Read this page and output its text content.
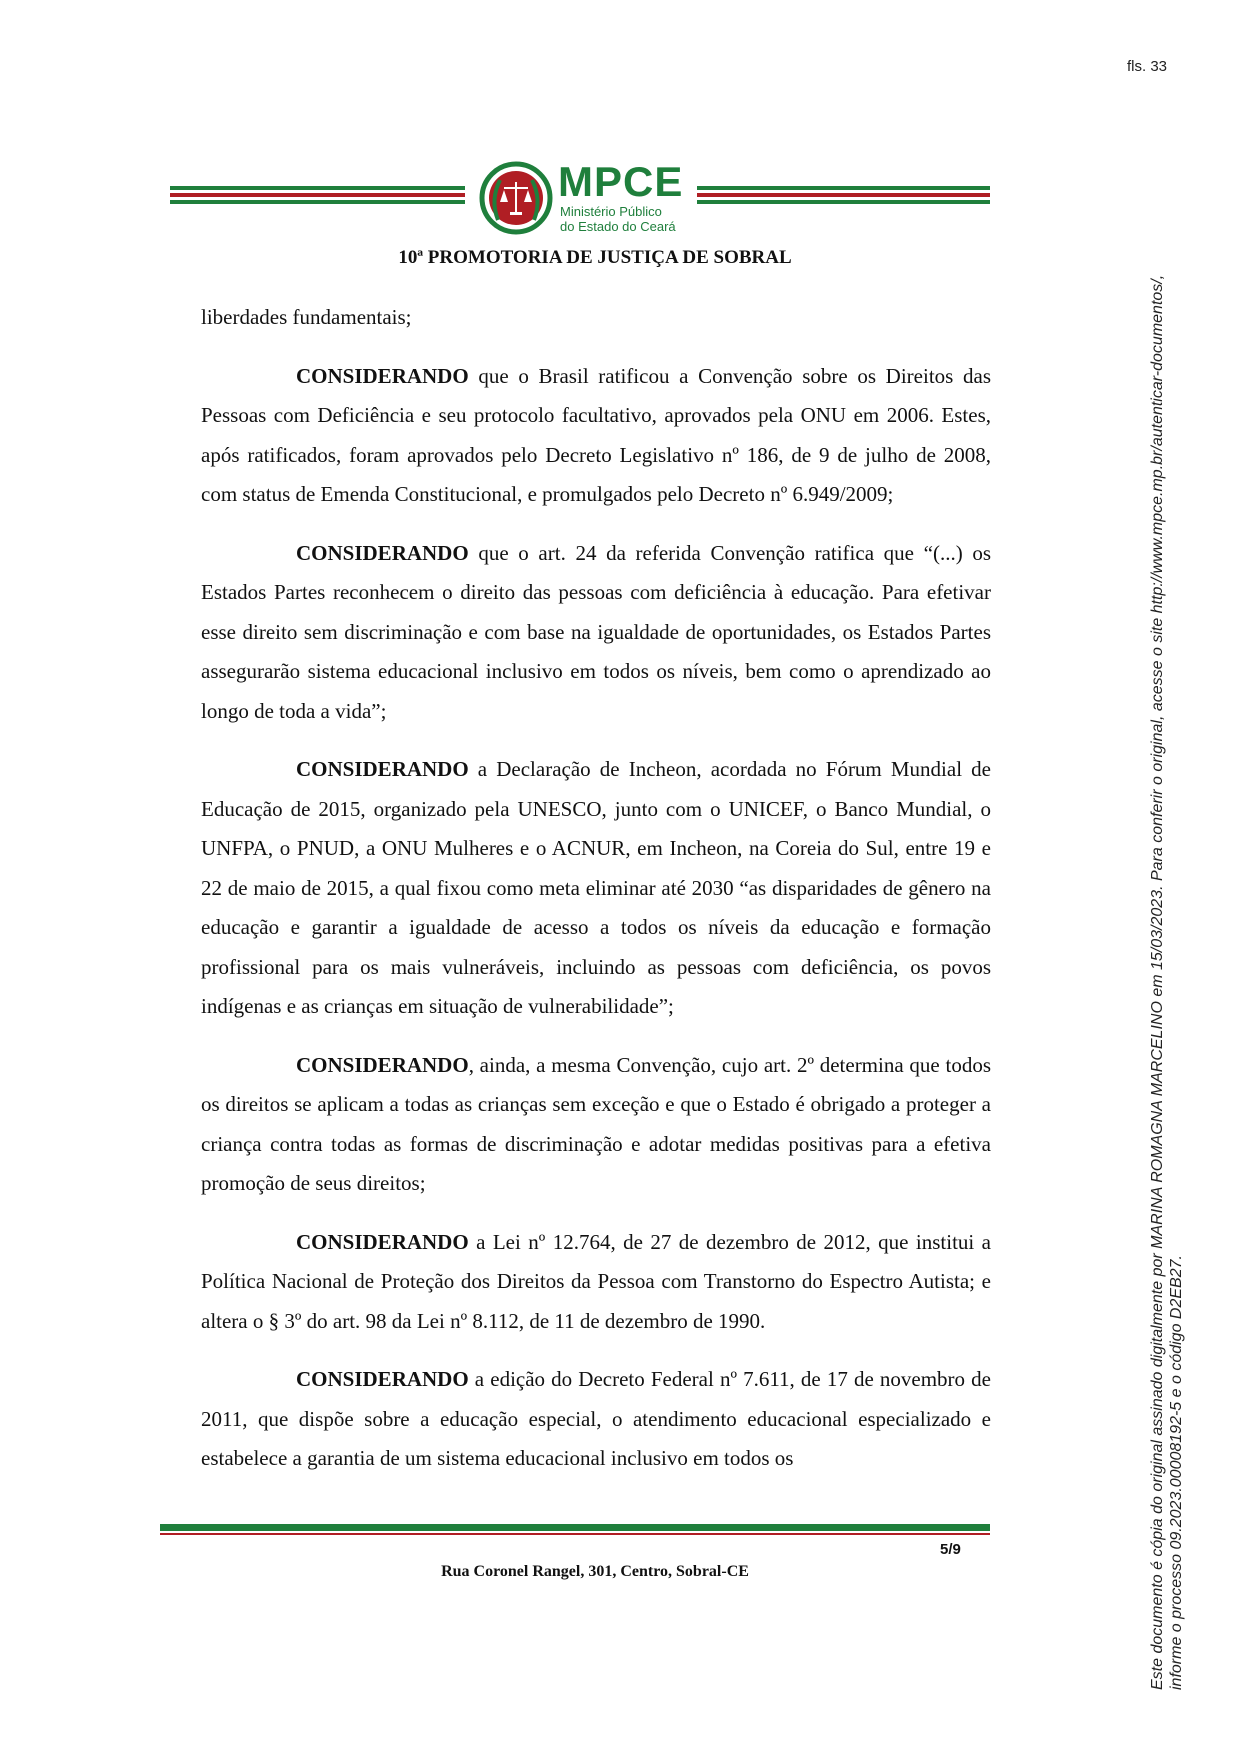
fls. 33
MPCE
Ministério Público
do Estado do Ceará
10ª PROMOTORIA DE JUSTIÇA DE SOBRAL

liberdades fundamentais;

CONSIDERANDO que o Brasil ratificou a Convenção sobre os Direitos das Pessoas com Deficiência e seu protocolo facultativo, aprovados pela ONU em 2006. Estes, após ratificados, foram aprovados pelo Decreto Legislativo nº 186, de 9 de julho de 2008, com status de Emenda Constitucional, e promulgados pelo Decreto nº 6.949/2009;

CONSIDERANDO que o art. 24 da referida Convenção ratifica que “(...) os Estados Partes reconhecem o direito das pessoas com deficiência à educação. Para efetivar esse direito sem discriminação e com base na igualdade de oportunidades, os Estados Partes assegurarão sistema educacional inclusivo em todos os níveis, bem como o aprendizado ao longo de toda a vida”;

CONSIDERANDO a Declaração de Incheon, acordada no Fórum Mundial de Educação de 2015, organizado pela UNESCO, junto com o UNICEF, o Banco Mundial, o UNFPA, o PNUD, a ONU Mulheres e o ACNUR, em Incheon, na Coreia do Sul, entre 19 e 22 de maio de 2015, a qual fixou como meta eliminar até 2030 “as disparidades de gênero na educação e garantir a igualdade de acesso a todos os níveis da educação e formação profissional para os mais vulneráveis, incluindo as pessoas com deficiência, os povos indígenas e as crianças em situação de vulnerabilidade”;

CONSIDERANDO, ainda, a mesma Convenção, cujo art. 2º determina que todos os direitos se aplicam a todas as crianças sem exceção e que o Estado é obrigado a proteger a criança contra todas as formas de discriminação e adotar medidas positivas para a efetiva promoção de seus direitos;

CONSIDERANDO a Lei nº 12.764, de 27 de dezembro de 2012, que institui a Política Nacional de Proteção dos Direitos da Pessoa com Transtorno do Espectro Autista; e altera o § 3º do art. 98 da Lei nº 8.112, de 11 de dezembro de 1990.

CONSIDERANDO a edição do Decreto Federal nº 7.611, de 17 de novembro de 2011, que dispõe sobre a educação especial, o atendimento educacional especializado e estabelece a garantia de um sistema educacional inclusivo em todos os

5/9
Rua Coronel Rangel, 301, Centro, Sobral-CE	Este documento é cópia do original assinado digitalmente por MARINA ROMAGNA MARCELINO em 15/03/2023. Para conferir o original, acesse o site http://www.mpce.mp.br/autenticar-documentos/, informe o processo 09.2023.00008192-5 e o código D2EB27.
